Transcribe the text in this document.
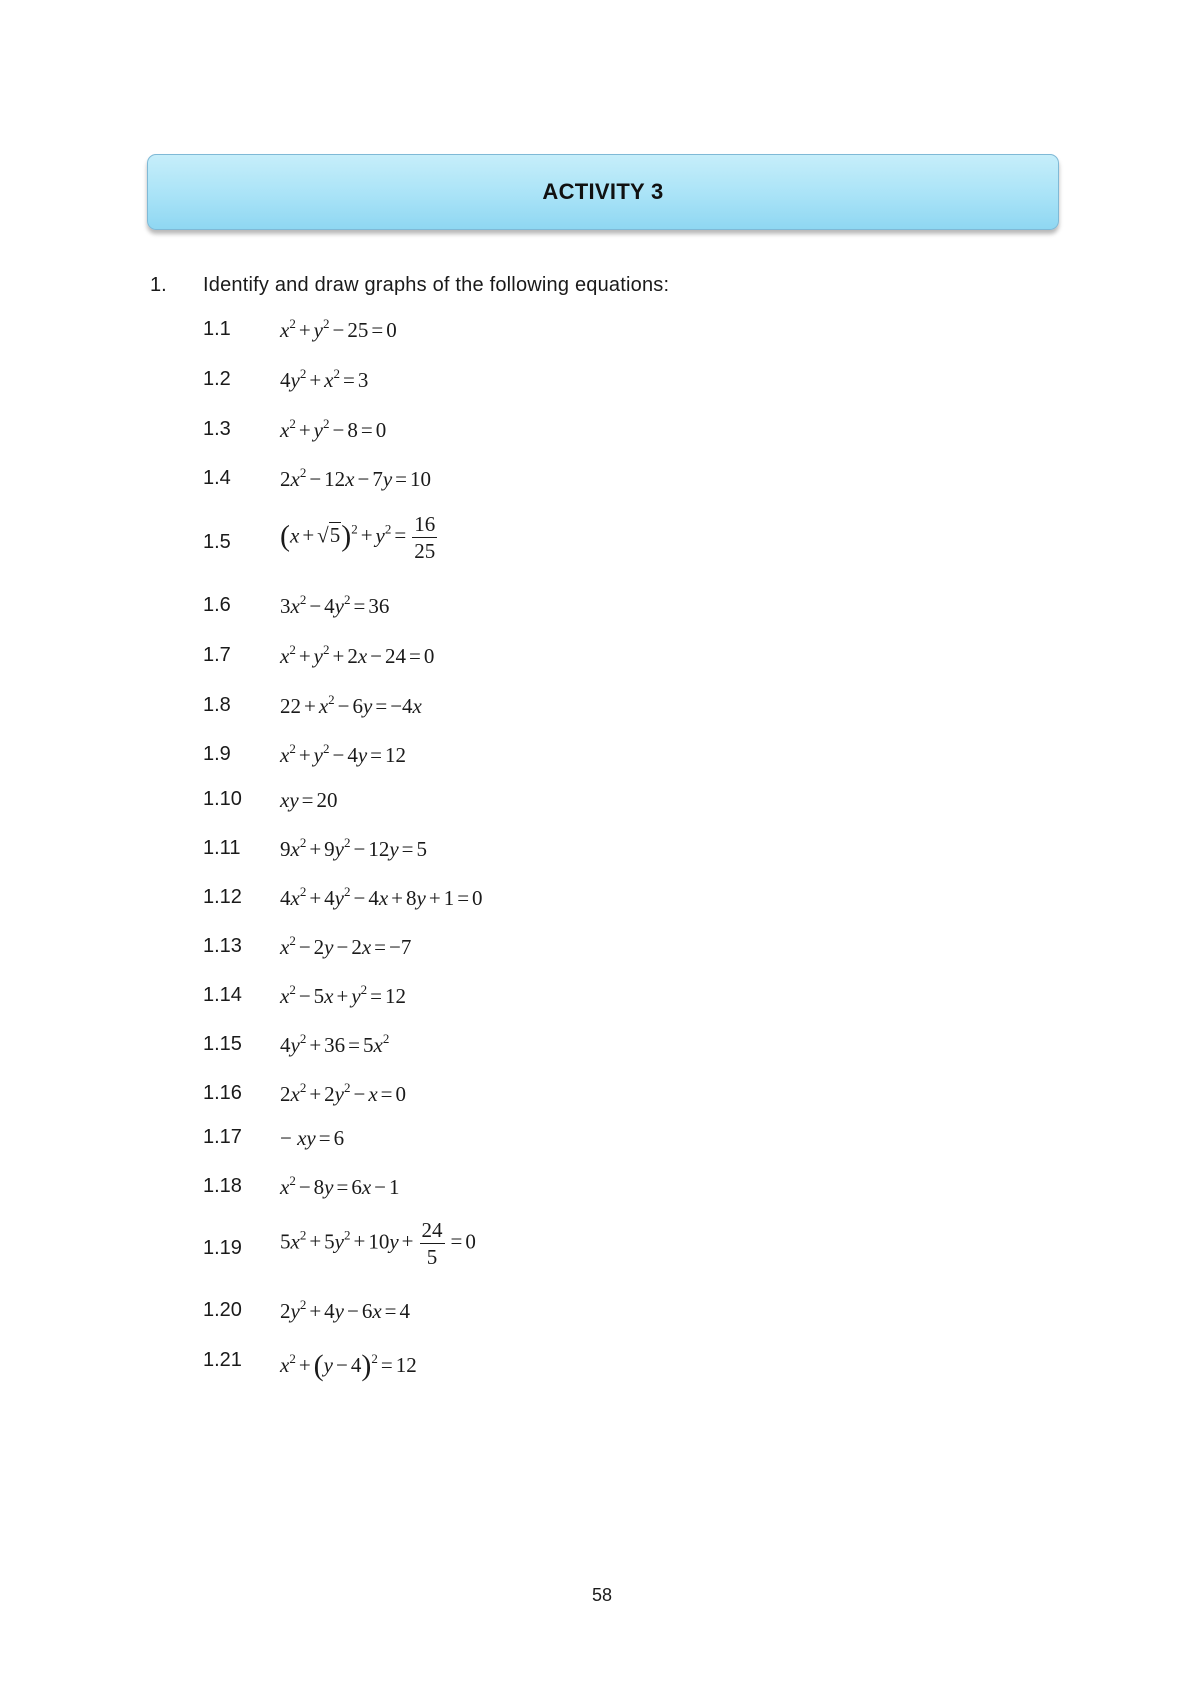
ACTIVITY 3
1. Identify and draw graphs of the following equations:
1.1 $x^2 + y^2 - 25 = 0$
1.2 $4y^2 + x^2 = 3$
1.3 $x^2 + y^2 - 8 = 0$
1.4 $2x^2 - 12x - 7y = 10$
1.5 $(x + √5)^2 + y^2 = \frac{16}{25}$
1.6 $3x^2 - 4y^2 = 36$
1.7 $x^2 + y^2 + 2x - 24 = 0$
1.8 $22 + x^2 - 6y = -4x$
1.9 $x^2 + y^2 - 4y = 12$
1.10 xy = 20
1.11 $9x^2 + 9y^2 - 12y = 5$
1.12 $4x^2 + 4y^2 - 4x + 8y + 1 = 0$
1.13 $x^2 - 2y - 2x = -7$
1.14 $x^2 - 5x + y^2 = 12$
1.15 $4y^2 + 36 = 5x^2$
1.16 $2x^2 + 2y^2 - x = 0$
1.17 − xy = 6
1.18 $x^2 - 8y = 6x - 1$
1.19 $5x^2 + 5y^2 + 10y + \frac{24}{5} = 0$
1.20 $2y^2 + 4y - 6x = 4$
1.21 $x^2 + (y - 4)^2 = 12$
58
